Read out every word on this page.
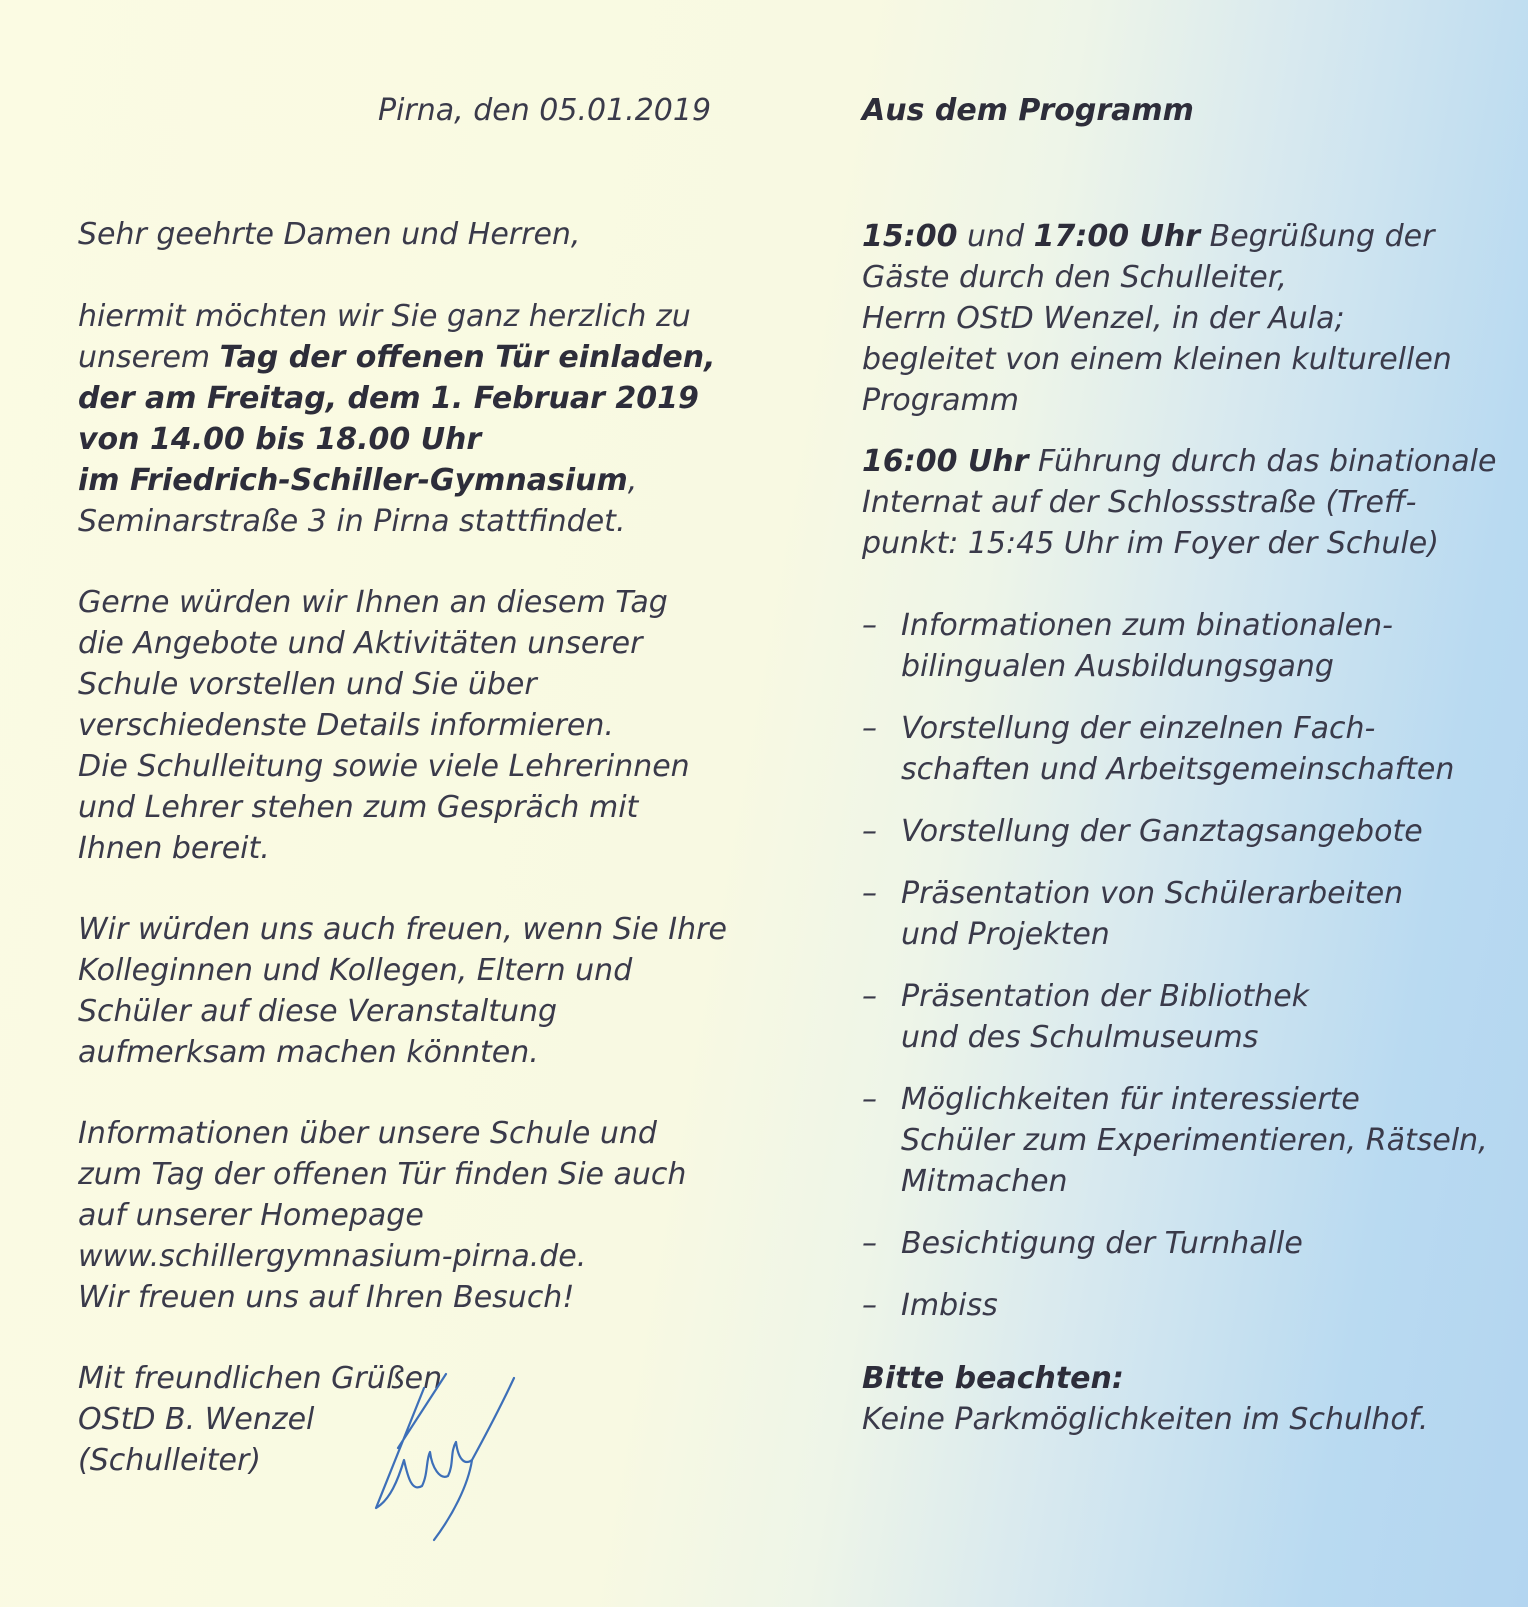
Pirna, den 05.01.2019

Sehr geehrte Damen und Herren,

hiermit möchten wir Sie ganz herzlich zu

unserem Tag der offenen Tür einladen,

der am Freitag, dem 1. Februar 2019

von 14.00 bis 18.00 Uhr

im Friedrich-Schiller-Gymnasium,

Seminarstraße 3 in Pirna stattfindet.

Gerne würden wir Ihnen an diesem Tag

die Angebote und Aktivitäten unserer

Schule vorstellen und Sie über

verschiedenste Details informieren.

Die Schulleitung sowie viele Lehrerinnen

und Lehrer stehen zum Gespräch mit

Ihnen bereit.

Wir würden uns auch freuen, wenn Sie Ihre

Kolleginnen und Kollegen, Eltern und

Schüler auf diese Veranstaltung

aufmerksam machen könnten.

Informationen über unsere Schule und

zum Tag der offenen Tür finden Sie auch

auf unserer Homepage

www.schillergymnasium-pirna.de.

Wir freuen uns auf Ihren Besuch!

Mit freundlichen Grüßen

OStD B. Wenzel

(Schulleiter)

Aus dem Programm

15:00 und 17:00 Uhr Begrüßung der

Gäste durch den Schulleiter,

Herrn OStD Wenzel, in der Aula;

begleitet von einem kleinen kulturellen

Programm

16:00 Uhr Führung durch das binationale

Internat auf der Schlossstraße (Treff-

punkt: 15:45 Uhr im Foyer der Schule)

– Informationen zum binationalen-
bilingualen Ausbildungsgang
– Vorstellung der einzelnen Fach-
schaften und Arbeitsgemeinschaften
– Vorstellung der Ganztagsangebote
– Präsentation von Schülerarbeiten
und Projekten
– Präsentation der Bibliothek
und des Schulmuseums
– Möglichkeiten für interessierte
Schüler zum Experimentieren, Rätseln,
Mitmachen
– Besichtigung der Turnhalle
– Imbiss

Bitte beachten:

Keine Parkmöglichkeiten im Schulhof.
